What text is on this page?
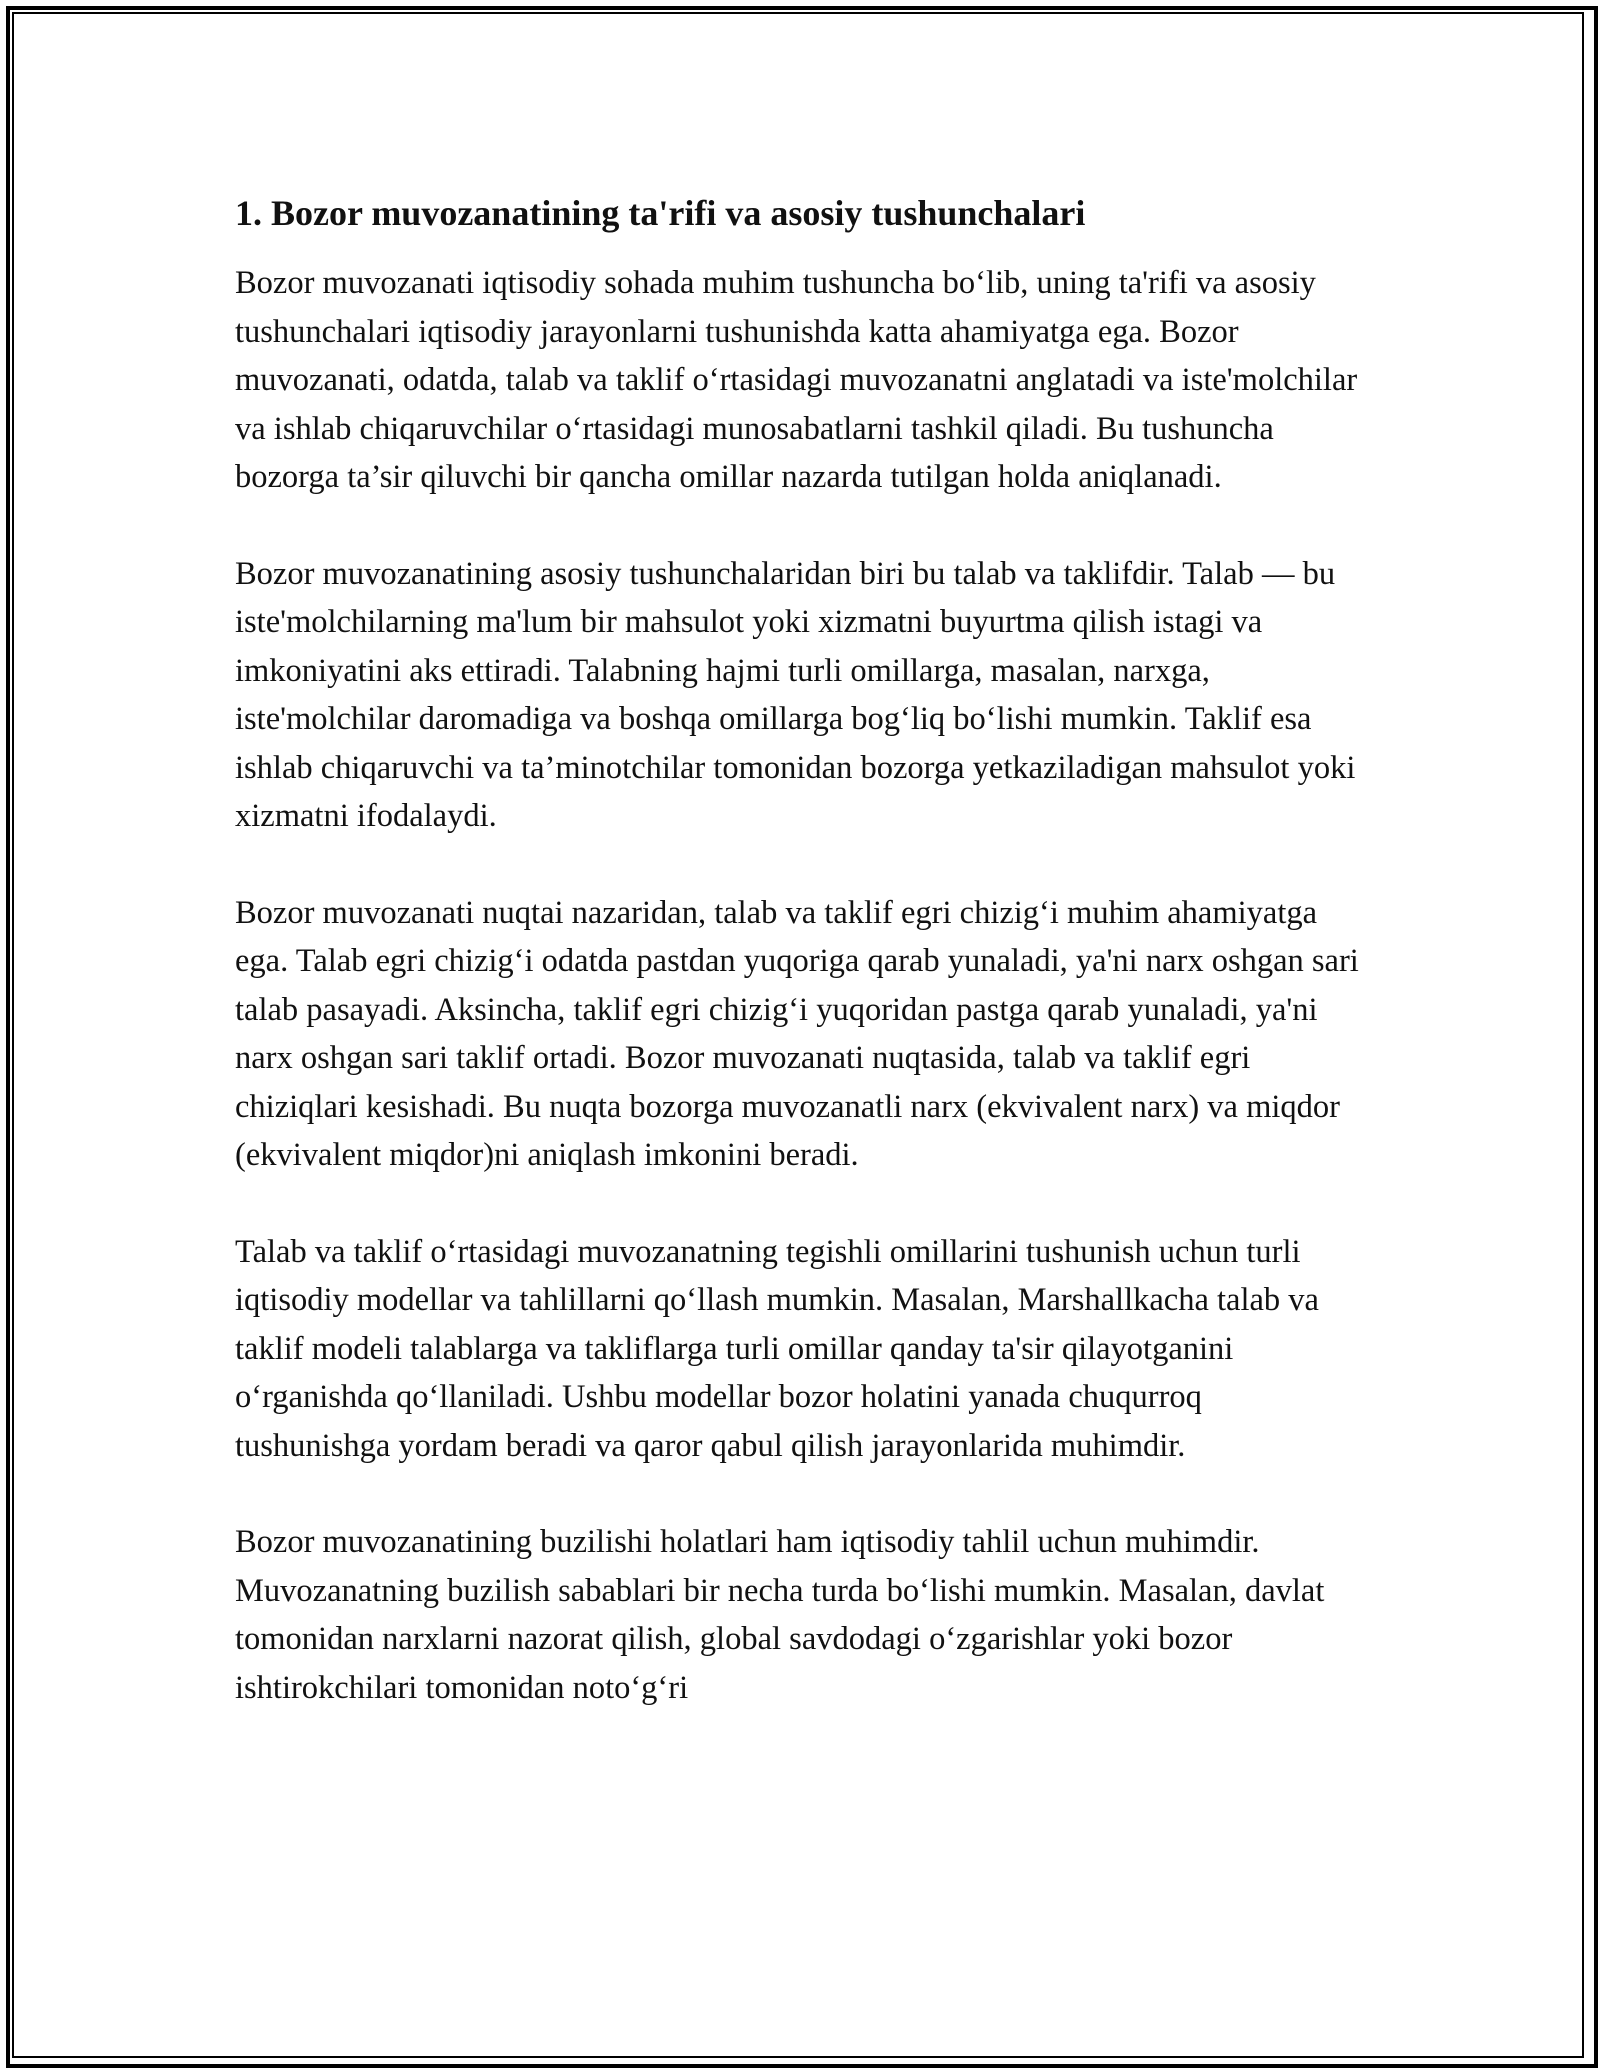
1. Bozor muvozanatining ta'rifi va asosiy tushunchalari

Bozor muvozanati iqtisodiy sohada muhim tushuncha bo‘lib, uning ta'rifi va asosiy tushunchalari iqtisodiy jarayonlarni tushunishda katta ahamiyatga ega. Bozor muvozanati, odatda, talab va taklif o‘rtasidagi muvozanatni anglatadi va iste'molchilar va ishlab chiqaruvchilar o‘rtasidagi munosabatlarni tashkil qiladi. Bu tushuncha bozorga ta’sir qiluvchi bir qancha omillar nazarda tutilgan holda aniqlanadi.

Bozor muvozanatining asosiy tushunchalaridan biri bu talab va taklifdir. Talab — bu iste'molchilarning ma'lum bir mahsulot yoki xizmatni buyurtma qilish istagi va imkoniyatini aks ettiradi. Talabning hajmi turli omillarga, masalan, narxga, iste'molchilar daromadiga va boshqa omillarga bog‘liq bo‘lishi mumkin. Taklif esa ishlab chiqaruvchi va ta’minotchilar tomonidan bozorga yetkaziladigan mahsulot yoki xizmatni ifodalaydi.

Bozor muvozanati nuqtai nazaridan, talab va taklif egri chizig‘i muhim ahamiyatga ega. Talab egri chizig‘i odatda pastdan yuqoriga qarab yunaladi, ya'ni narx oshgan sari talab pasayadi. Aksincha, taklif egri chizig‘i yuqoridan pastga qarab yunaladi, ya'ni narx oshgan sari taklif ortadi. Bozor muvozanati nuqtasida, talab va taklif egri chiziqlari kesishadi. Bu nuqta bozorga muvozanatli narx (ekvivalent narx) va miqdor (ekvivalent miqdor)ni aniqlash imkonini beradi.

Talab va taklif o‘rtasidagi muvozanatning tegishli omillarini tushunish uchun turli iqtisodiy modellar va tahlillarni qo‘llash mumkin. Masalan, Marshallkacha talab va taklif modeli talablarga va takliflarga turli omillar qanday ta'sir qilayotganini o‘rganishda qo‘llaniladi. Ushbu modellar bozor holatini yanada chuqurroq tushunishga yordam beradi va qaror qabul qilish jarayonlarida muhimdir.

Bozor muvozanatining buzilishi holatlari ham iqtisodiy tahlil uchun muhimdir. Muvozanatning buzilish sabablari bir necha turda bo‘lishi mumkin. Masalan, davlat tomonidan narxlarni nazorat qilish, global savdodagi o‘zgarishlar yoki bozor ishtirokchilari tomonidan noto‘g‘ri
